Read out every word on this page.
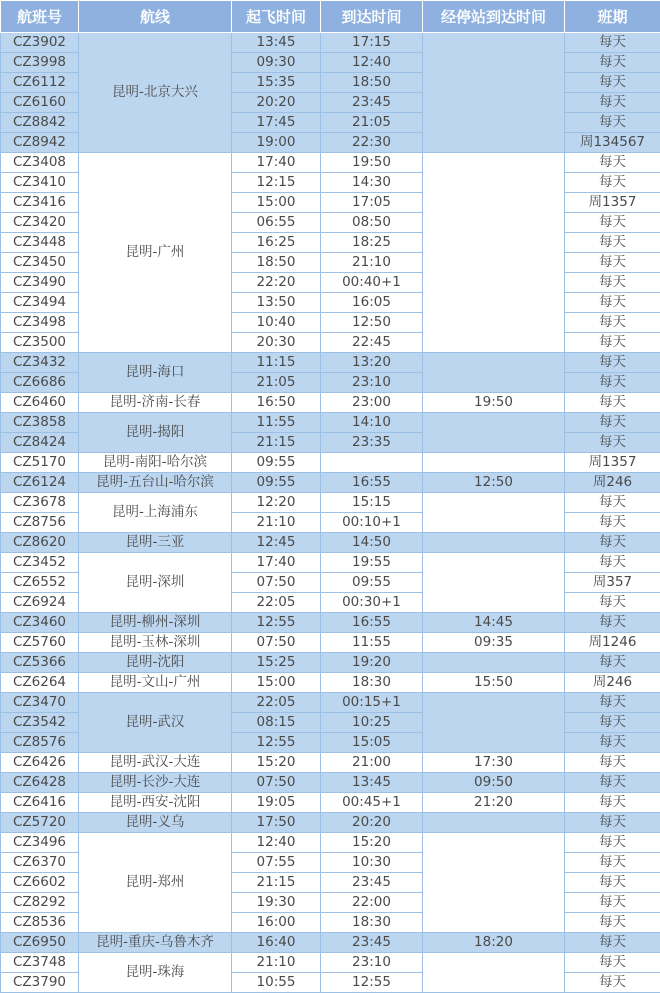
航班号	航线	起飞时间	到达时间	经停站到达时间	班期
CZ3902	昆明-北京大兴	13:45	17:15		每天
CZ3998		09:30	12:40		每天
CZ6112		15:35	18:50		每天
CZ6160		20:20	23:45		每天
CZ8842		17:45	21:05		每天
CZ8942		19:00	22:30		周134567
CZ3408	昆明-广州	17:40	19:50		每天
CZ3410		12:15	14:30		每天
CZ3416		15:00	17:05		周1357
CZ3420		06:55	08:50		每天
CZ3448		16:25	18:25		每天
CZ3450		18:50	21:10		每天
CZ3490		22:20	00:40+1		每天
CZ3494		13:50	16:05		每天
CZ3498		10:40	12:50		每天
CZ3500		20:30	22:45		每天
CZ3432	昆明-海口	11:15	13:20		每天
CZ6686		21:05	23:10		每天
CZ6460	昆明-济南-长春	16:50	23:00	19:50	每天
CZ3858	昆明-揭阳	11:55	14:10		每天
CZ8424		21:15	23:35		每天
CZ5170	昆明-南阳-哈尔滨	09:55			周1357
CZ6124	昆明-五台山-哈尔滨	09:55	16:55	12:50	周246
CZ3678	昆明-上海浦东	12:20	15:15		每天
CZ8756		21:10	00:10+1		每天
CZ8620	昆明-三亚	12:45	14:50		每天
CZ3452	昆明-深圳	17:40	19:55		每天
CZ6552		07:50	09:55		周357
CZ6924		22:05	00:30+1		每天
CZ3460	昆明-柳州-深圳	12:55	16:55	14:45	每天
CZ5760	昆明-玉林-深圳	07:50	11:55	09:35	周1246
CZ5366	昆明-沈阳	15:25	19:20		每天
CZ6264	昆明-文山-广州	15:00	18:30	15:50	周246
CZ3470	昆明-武汉	22:05	00:15+1		每天
CZ3542		08:15	10:25		每天
CZ8576		12:55	15:05		每天
CZ6426	昆明-武汉-大连	15:20	21:00	17:30	每天
CZ6428	昆明-长沙-大连	07:50	13:45	09:50	每天
CZ6416	昆明-西安-沈阳	19:05	00:45+1	21:20	每天
CZ5720	昆明-义乌	17:50	20:20		每天
CZ3496	昆明-郑州	12:40	15:20		每天
CZ6370		07:55	10:30		每天
CZ6602		21:15	23:45		每天
CZ8292		19:30	22:00		每天
CZ8536		16:00	18:30		每天
CZ6950	昆明-重庆-乌鲁木齐	16:40	23:45	18:20	每天
CZ3748	昆明-珠海	21:10	23:10		每天
CZ3790		10:55	12:55		每天
